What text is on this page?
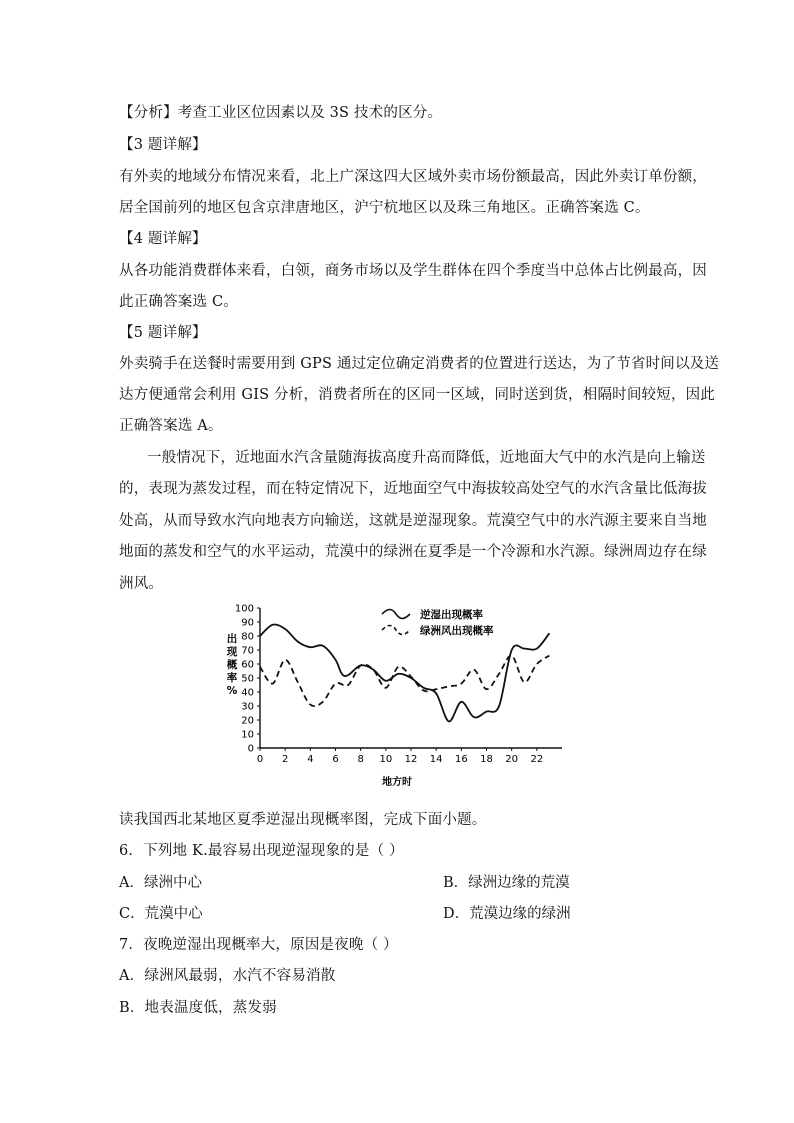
【分析】考查工业区位因素以及 3S 技术的区分。
【3 题详解】
有外卖的地域分布情况来看，北上广深这四大区域外卖市场份额最高，因此外卖订单份额，
居全国前列的地区包含京津唐地区，沪宁杭地区以及珠三角地区。正确答案选 C。
【4 题详解】
从各功能消费群体来看，白领，商务市场以及学生群体在四个季度当中总体占比例最高，因
此正确答案选 C。
【5 题详解】
外卖骑手在送餐时需要用到 GPS 通过定位确定消费者的位置进行送达，为了节省时间以及送
达方便通常会利用 GIS 分析，消费者所在的区同一区域，同时送到货，相隔时间较短，因此
正确答案选 A。
一般情况下，近地面水汽含量随海拔高度升高而降低，近地面大气中的水汽是向上输送
的，表现为蒸发过程，而在特定情况下，近地面空气中海拔较高处空气的水汽含量比低海拔
处高，从而导致水汽向地表方向输送，这就是逆湿现象。荒漠空气中的水汽源主要来自当地
地面的蒸发和空气的水平运动，荒漠中的绿洲在夏季是一个冷源和水汽源。绿洲周边存在绿
洲风。
0
10
20
30
40
50
60
70
80
90
100
0 2 4 6 8 10 12 14 16 18 20 22
逆湿出现概率
绿洲风出现概率
出
现
概
率
%
地方时
读我国西北某地区夏季逆湿出现概率图，完成下面小题。
6．下列地 K.最容易出现逆湿现象的是（ ）
A．绿洲中心	B．绿洲边缘的荒漠
C．荒漠中心	D．荒漠边缘的绿洲
7．夜晚逆湿出现概率大，原因是夜晚（ ）
A．绿洲风最弱，水汽不容易消散
B．地表温度低，蒸发弱
